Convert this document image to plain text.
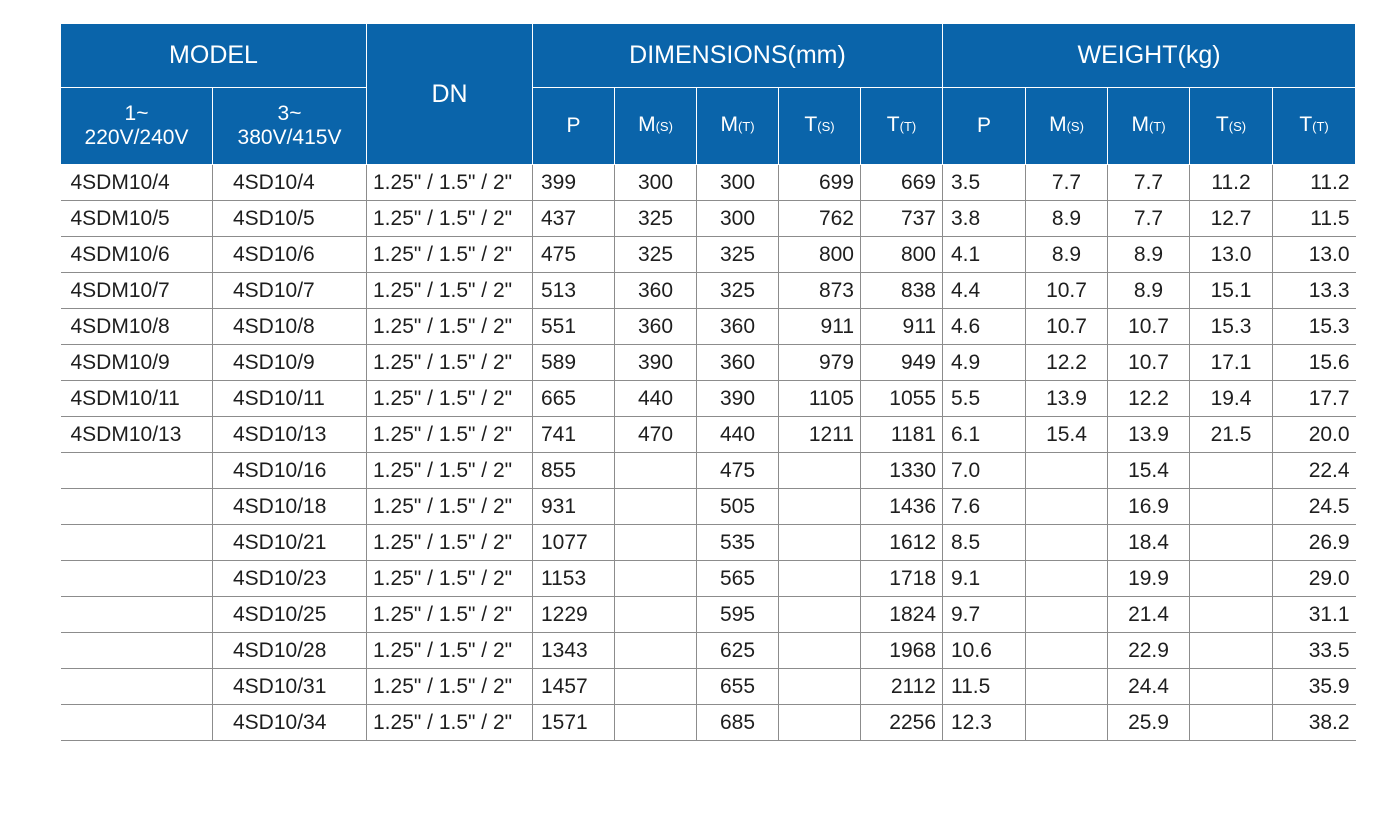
MODEL		DN	DIMENSIONS(mm)					WEIGHT(kg)				
1~
220V/240V	3~
380V/415V		P	M(S)	M(T)	T(S)	T(T)	P	M(S)	M(T)	T(S)	T(T)
4SDM10/4	4SD10/4	1.25" / 1.5" / 2"	399	300	300	699	669	3.5	7.7	7.7	11.2	11.2
4SDM10/5	4SD10/5	1.25" / 1.5" / 2"	437	325	300	762	737	3.8	8.9	7.7	12.7	11.5
4SDM10/6	4SD10/6	1.25" / 1.5" / 2"	475	325	325	800	800	4.1	8.9	8.9	13.0	13.0
4SDM10/7	4SD10/7	1.25" / 1.5" / 2"	513	360	325	873	838	4.4	10.7	8.9	15.1	13.3
4SDM10/8	4SD10/8	1.25" / 1.5" / 2"	551	360	360	911	911	4.6	10.7	10.7	15.3	15.3
4SDM10/9	4SD10/9	1.25" / 1.5" / 2"	589	390	360	979	949	4.9	12.2	10.7	17.1	15.6
4SDM10/11	4SD10/11	1.25" / 1.5" / 2"	665	440	390	1105	1055	5.5	13.9	12.2	19.4	17.7
4SDM10/13	4SD10/13	1.25" / 1.5" / 2"	741	470	440	1211	1181	6.1	15.4	13.9	21.5	20.0
	4SD10/16	1.25" / 1.5" / 2"	855		475		1330	7.0		15.4		22.4
	4SD10/18	1.25" / 1.5" / 2"	931		505		1436	7.6		16.9		24.5
	4SD10/21	1.25" / 1.5" / 2"	1077		535		1612	8.5		18.4		26.9
	4SD10/23	1.25" / 1.5" / 2"	1153		565		1718	9.1		19.9		29.0
	4SD10/25	1.25" / 1.5" / 2"	1229		595		1824	9.7		21.4		31.1
	4SD10/28	1.25" / 1.5" / 2"	1343		625		1968	10.6		22.9		33.5
	4SD10/31	1.25" / 1.5" / 2"	1457		655		2112	11.5		24.4		35.9
	4SD10/34	1.25" / 1.5" / 2"	1571		685		2256	12.3		25.9		38.2
